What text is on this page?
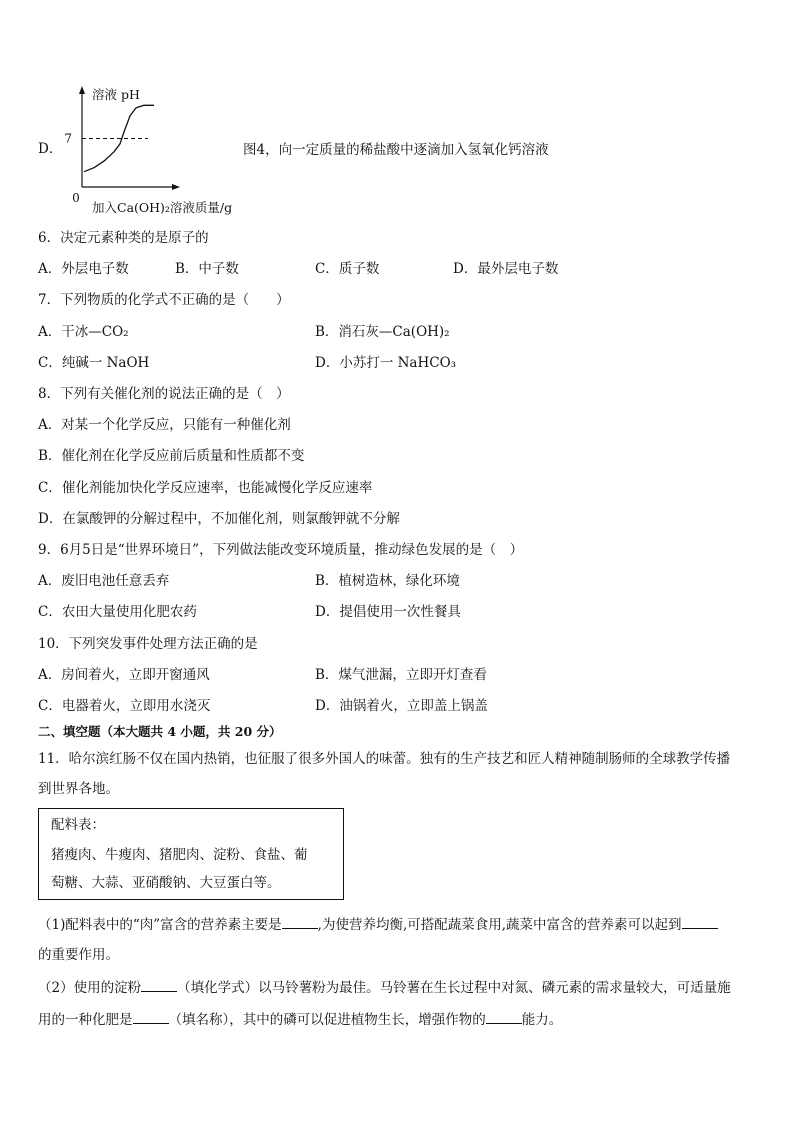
D．
溶液 pH
7
0
加入Ca(OH)₂溶液质量/g
图4，向一定质量的稀盐酸中逐滴加入氢氧化钙溶液
6．决定元素种类的是原子的
A．外层电子数	B．中子数	C．质子数	D．最外层电子数
7．下列物质的化学式不正确的是（　　）
A．干冰—CO₂	B．消石灰—Ca(OH)₂
C．纯碱一 NaOH	D．小苏打一 NaHCO₃
8．下列有关催化剂的说法正确的是（　）
A．对某一个化学反应，只能有一种催化剂
B．催化剂在化学反应前后质量和性质都不变
C．催化剂能加快化学反应速率，也能减慢化学反应速率
D．在氯酸钾的分解过程中，不加催化剂，则氯酸钾就不分解
9．6月5日是“世界环境日”，下列做法能改变环境质量，推动绿色发展的是（　）
A．废旧电池任意丢弃	B．植树造林，绿化环境
C．农田大量使用化肥农药	D．提倡使用一次性餐具
10．下列突发事件处理方法正确的是
A．房间着火，立即开窗通风	B．煤气泄漏，立即开灯查看
C．电器着火，立即用水浇灭	D．油锅着火，立即盖上锅盖
二、填空题（本大题共 4 小题，共 20 分）
11．哈尔滨红肠不仅在国内热销，也征服了很多外国人的味蕾。独有的生产技艺和匠人精神随制肠师的全球教学传播
到世界各地。
配料表：
猪瘦肉、牛瘦肉、猪肥肉、淀粉、食盐、葡
萄糖、大蒜、亚硝酸钠、大豆蛋白等。
（1)配料表中的“肉”富含的营养素主要是	,为使营养均衡,可搭配蔬菜食用,蔬菜中富含的营养素可以起到
的重要作用。
（2）使用的淀粉	（填化学式）以马铃薯粉为最佳。马铃薯在生长过程中对氮、磷元素的需求量较大，可适量施
用的一种化肥是	（填名称），其中的磷可以促进植物生长，增强作物的	能力。
